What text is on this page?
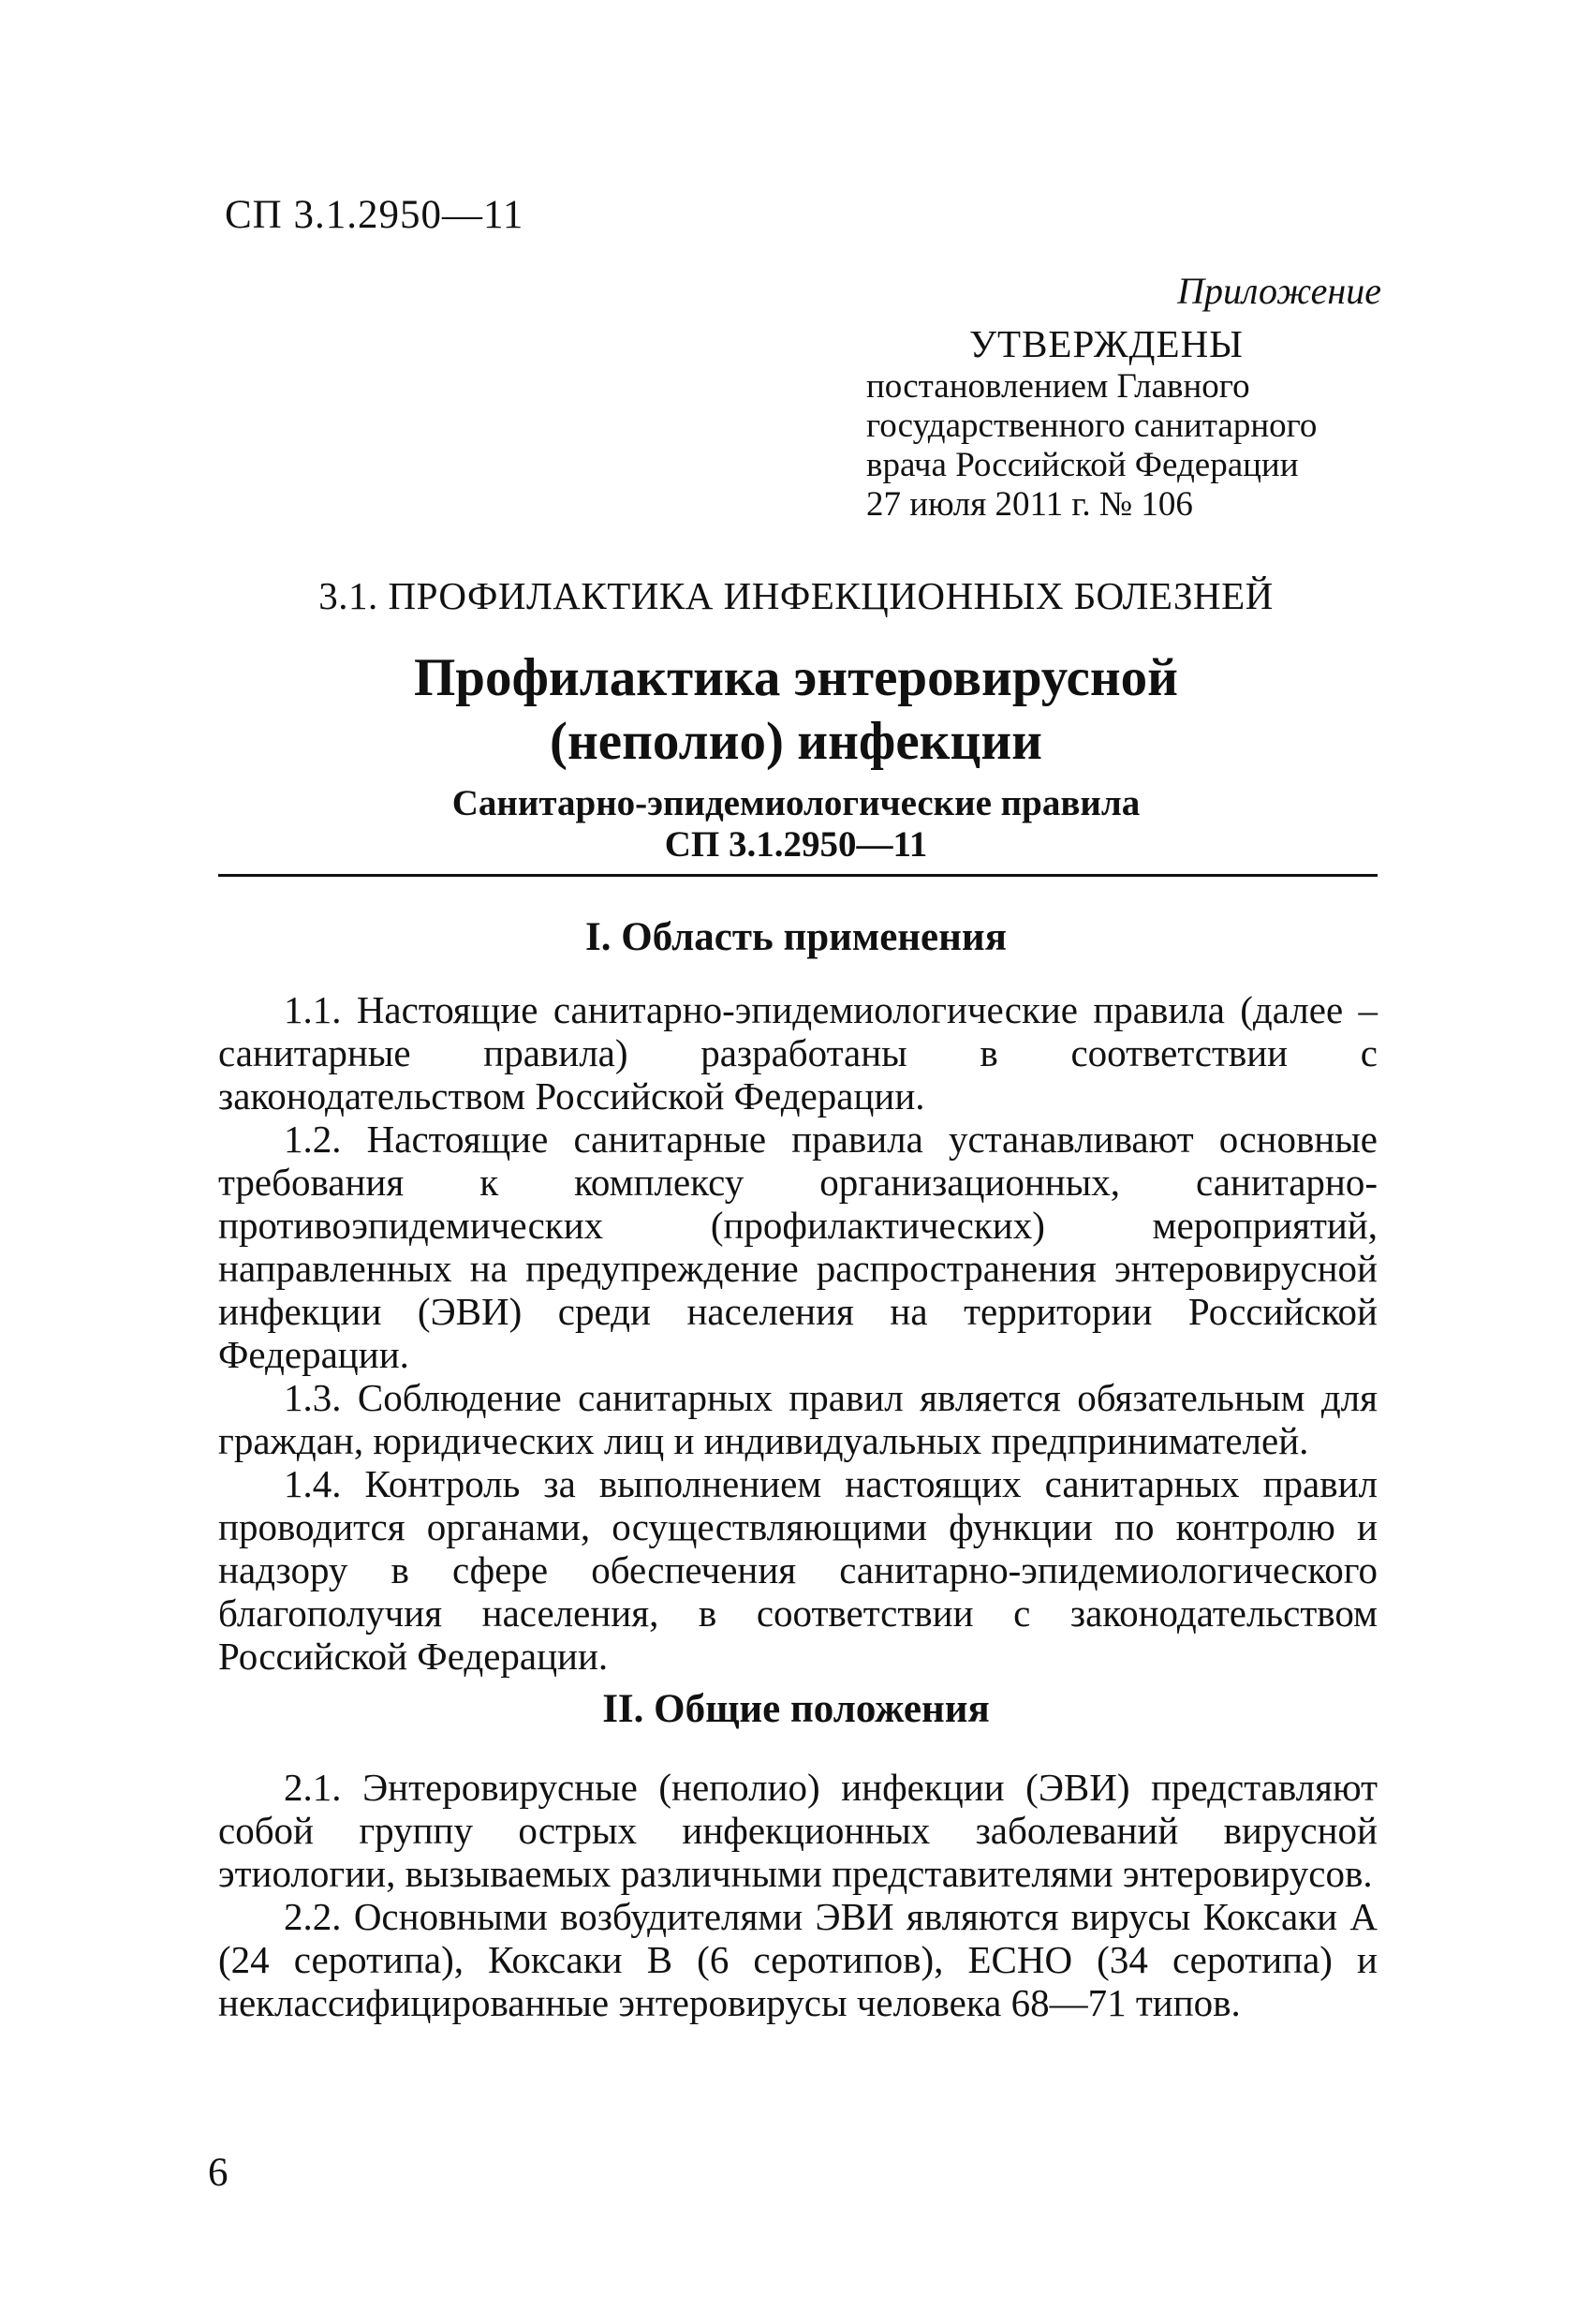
СП 3.1.2950—11
Приложение
УТВЕРЖДЕНЫ
постановлением Главного
государственного санитарного
врача Российской Федерации
27 июля 2011 г. № 106
3.1. ПРОФИЛАКТИКА ИНФЕКЦИОННЫХ БОЛЕЗНЕЙ
Профилактика энтеровирусной
(неполио) инфекции
Санитарно-эпидемиологические правила
СП 3.1.2950—11
I. Область применения

1.1. Настоящие санитарно-эпидемиологические правила (далее – санитарные правила) разработаны в соответствии с законодательством Российской Федерации.

1.2. Настоящие санитарные правила устанавливают основные требования к комплексу организационных, санитарно-противоэпидемических (профилактических) мероприятий, направленных на предупреждение распространения энтеровирусной инфекции (ЭВИ) среди населения на территории Российской Федерации.

1.3. Соблюдение санитарных правил является обязательным для граждан, юридических лиц и индивидуальных предпринимателей.

1.4. Контроль за выполнением настоящих санитарных правил проводится органами, осуществляющими функции по контролю и надзору в сфере обеспечения санитарно-эпидемиологического благополучия населения, в соответствии с законодательством Российской Федерации.

II. Общие положения

2.1. Энтеровирусные (неполио) инфекции (ЭВИ) представляют собой группу острых инфекционных заболеваний вирусной этиологии, вызываемых различными представителями энтеровирусов.

2.2. Основными возбудителями ЭВИ являются вирусы Коксаки А (24 серотипа), Коксаки В (6 серотипов), ЕСНО (34 серотипа) и неклассифицированные энтеровирусы человека 68—71 типов.

6
